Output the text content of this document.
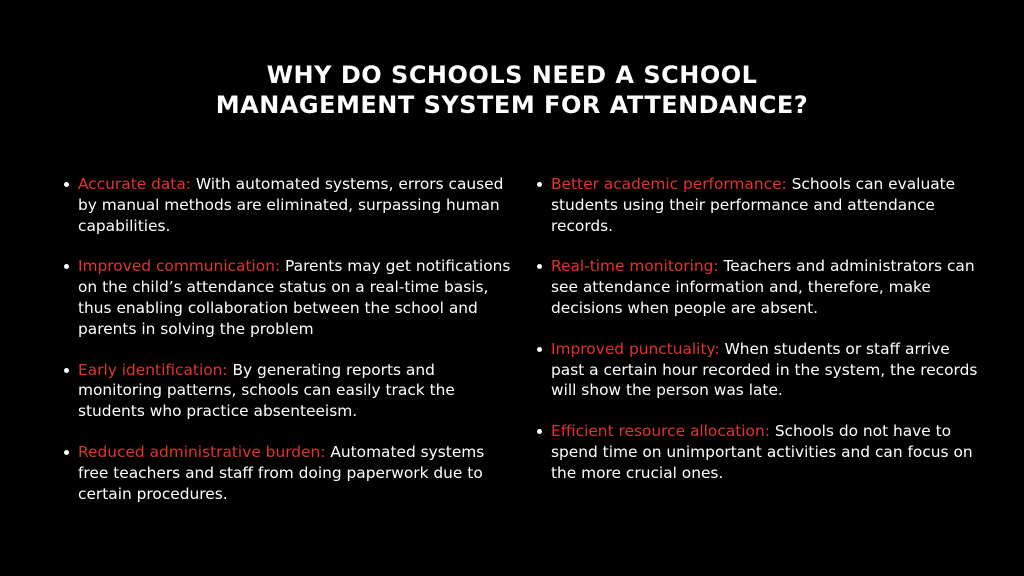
WHY DO SCHOOLS NEED A SCHOOL
MANAGEMENT SYSTEM FOR ATTENDANCE?
Accurate data: With automated systems, errors caused by manual methods are eliminated, surpassing human capabilities.
Improved communication: Parents may get notifications on the child’s attendance status on a real-time basis, thus enabling collaboration between the school and parents in solving the problem
Early identification: By generating reports and monitoring patterns, schools can easily track the students who practice absenteeism.
Reduced administrative burden: Automated systems free teachers and staff from doing paperwork due to certain procedures.
Better academic performance: Schools can evaluate students using their performance and attendance records.
Real-time monitoring: Teachers and administrators can see attendance information and, therefore, make decisions when people are absent.
Improved punctuality: When students or staff arrive past a certain hour recorded in the system, the records will show the person was late.
Efficient resource allocation: Schools do not have to spend time on unimportant activities and can focus on the more crucial ones.
